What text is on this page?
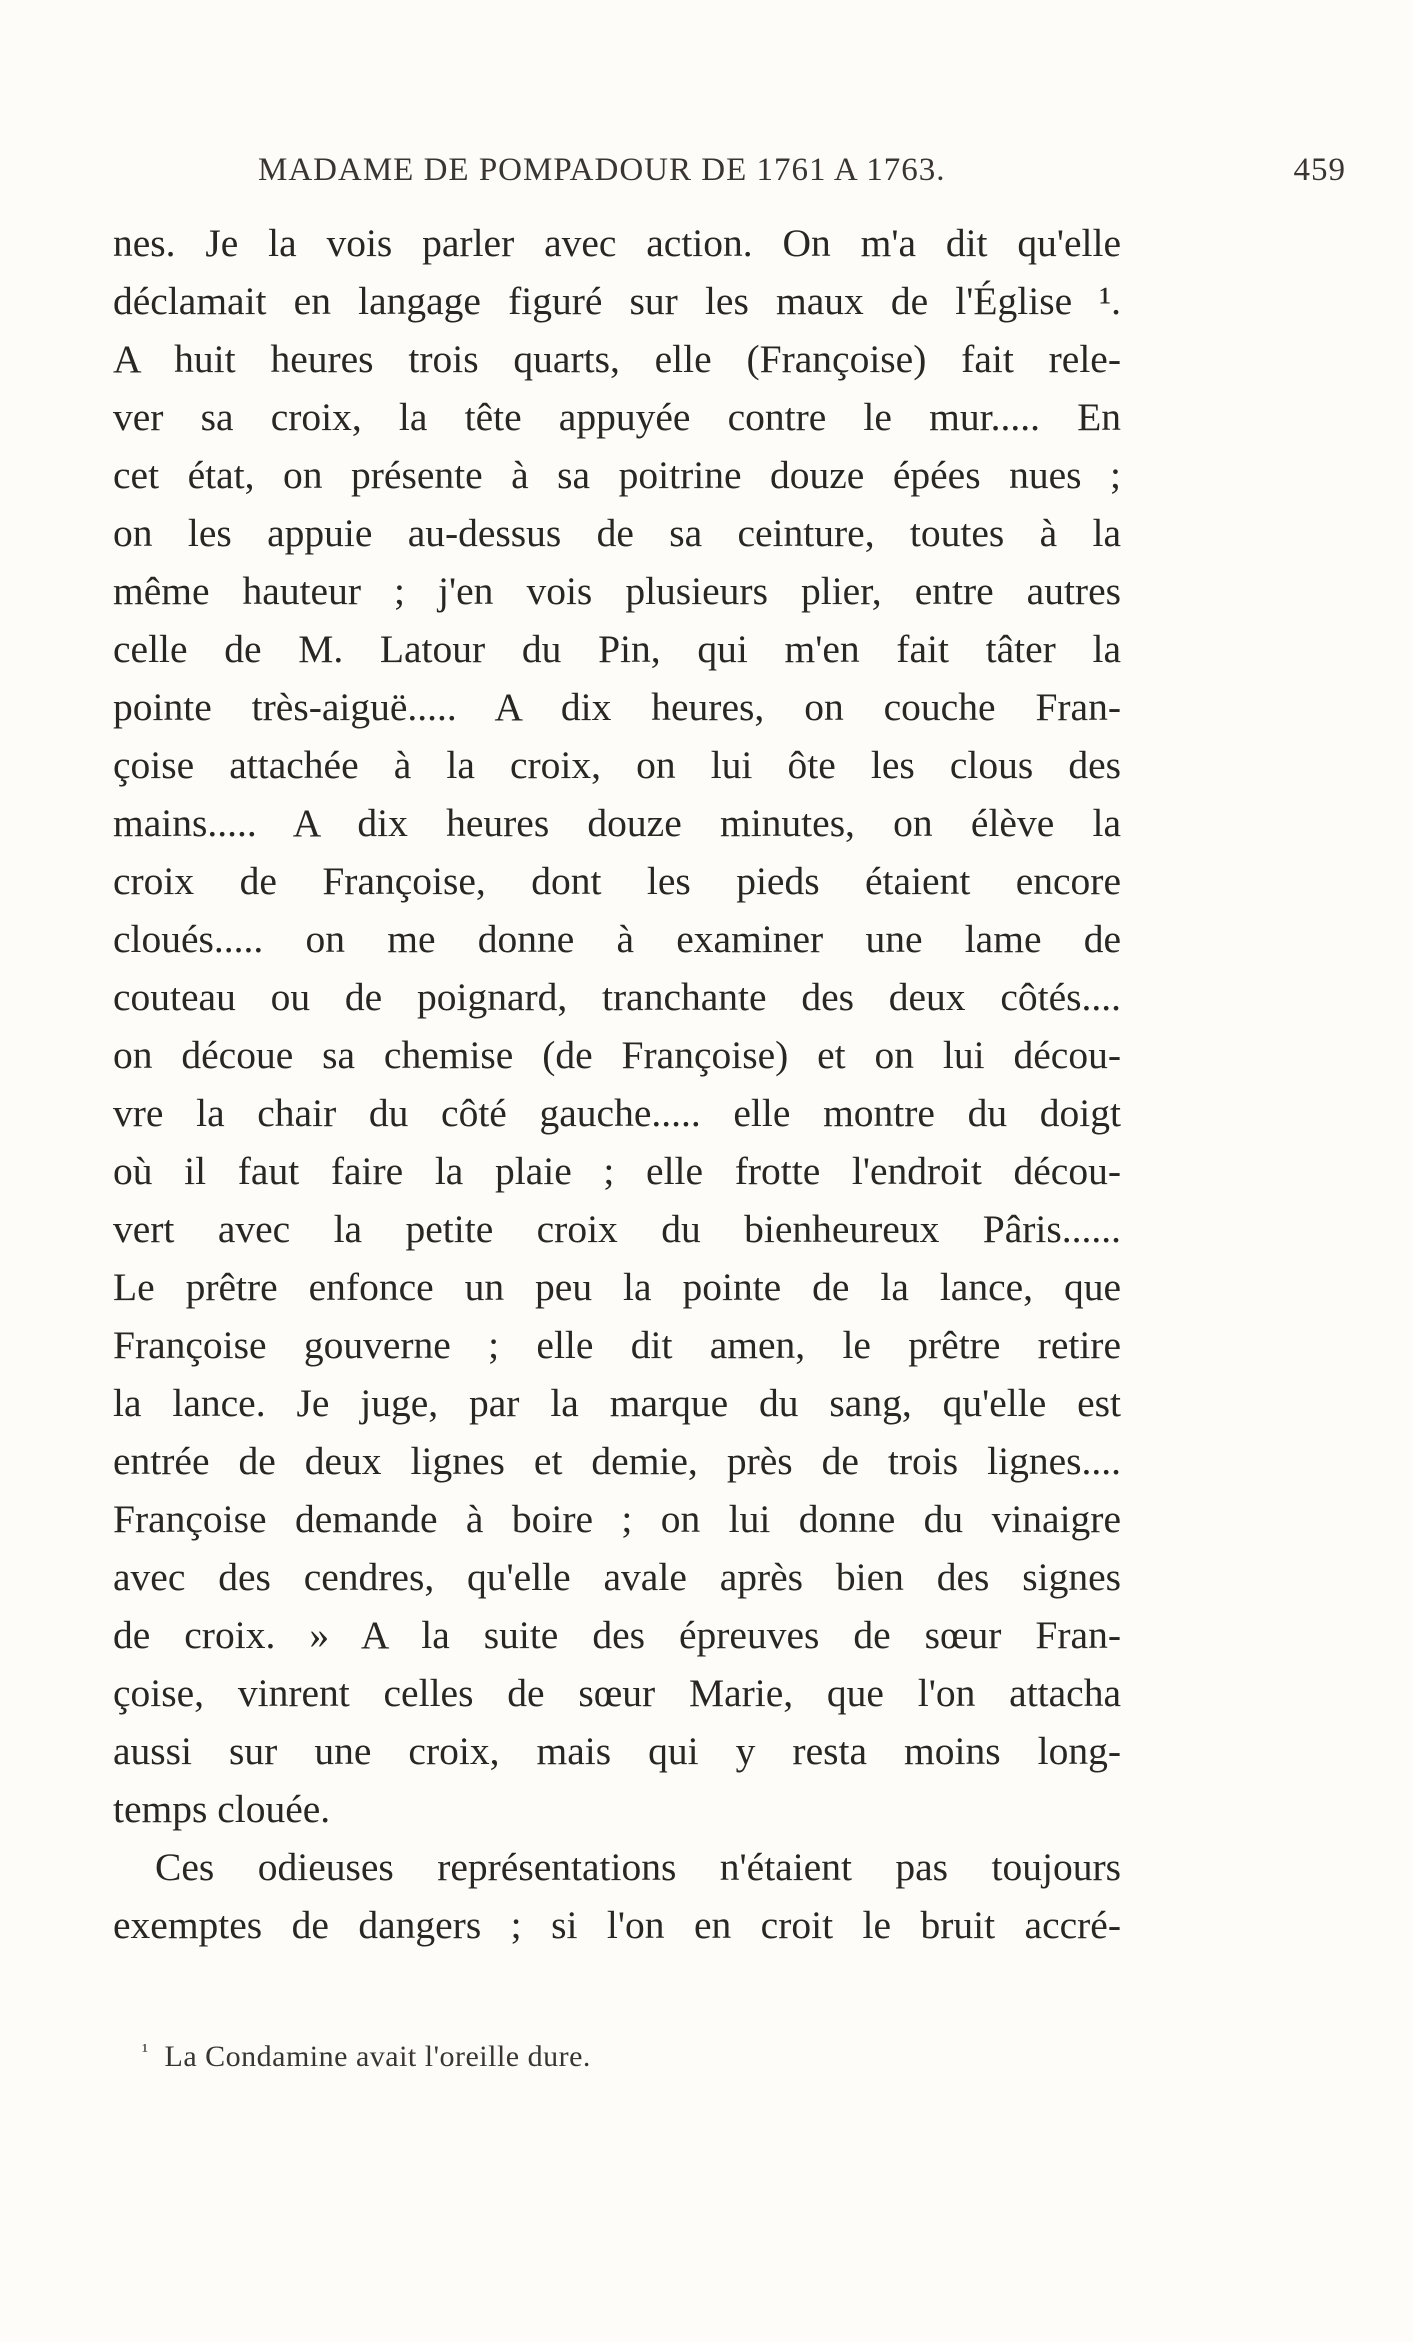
MADAME DE POMPADOUR DE 1761 A 1763.	459
nes. Je la vois parler avec action. On m'a dit qu'elle
déclamait en langage figuré sur les maux de l'Église ¹.
A huit heures trois quarts, elle (Françoise) fait rele-
ver sa croix, la tête appuyée contre le mur..... En
cet état, on présente à sa poitrine douze épées nues ;
on les appuie au-dessus de sa ceinture, toutes à la
même hauteur ; j'en vois plusieurs plier, entre autres
celle de M. Latour du Pin, qui m'en fait tâter la
pointe très-aiguë..... A dix heures, on couche Fran-
çoise attachée à la croix, on lui ôte les clous des
mains..... A dix heures douze minutes, on élève la
croix de Françoise, dont les pieds étaient encore
cloués..... on me donne à examiner une lame de
couteau ou de poignard, tranchante des deux côtés....
on découe sa chemise (de Françoise) et on lui décou-
vre la chair du côté gauche..... elle montre du doigt
où il faut faire la plaie ; elle frotte l'endroit décou-
vert avec la petite croix du bienheureux Pâris......
Le prêtre enfonce un peu la pointe de la lance, que
Françoise gouverne ; elle dit amen, le prêtre retire
la lance. Je juge, par la marque du sang, qu'elle est
entrée de deux lignes et demie, près de trois lignes....
Françoise demande à boire ; on lui donne du vinaigre
avec des cendres, qu'elle avale après bien des signes
de croix. » A la suite des épreuves de sœur Fran-
çoise, vinrent celles de sœur Marie, que l'on attacha
aussi sur une croix, mais qui y resta moins long-
temps clouée.
Ces odieuses représentations n'étaient pas toujours
exemptes de dangers ; si l'on en croit le bruit accré-
$^{^1}$ La Condamine avait l'oreille dure.
